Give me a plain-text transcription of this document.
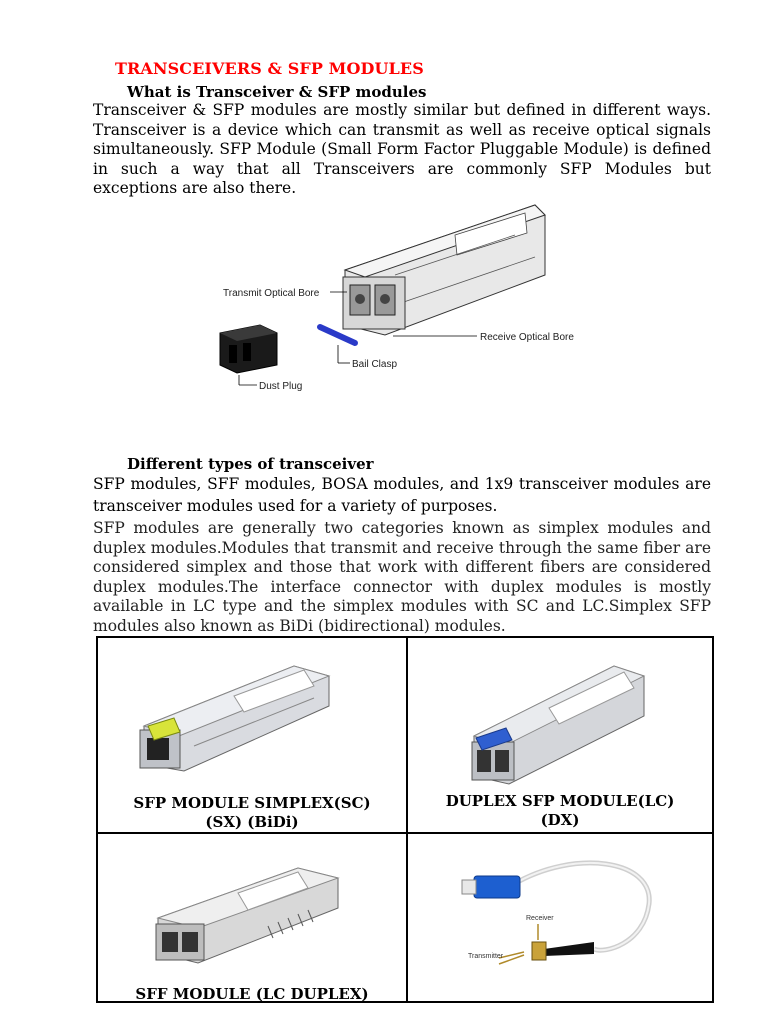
TRANSCEIVERS & SFP MODULES
What is Transceiver & SFP modules
Transceiver & SFP modules are mostly similar but defined in different ways. Transceiver is a device which can transmit as well as receive optical signals simultaneously. SFP Module (Small Form Factor Pluggable Module) is defined in such a way that all Transceivers are commonly SFP Modules but exceptions are also there.
Transmit Optical Bore
Receive Optical Bore
Bail Clasp
Dust Plug
Different types of transceiver
SFP modules, SFF modules, BOSA modules, and 1x9 transceiver modules are transceiver modules used for a variety of purposes.
SFP modules are generally two categories known as simplex modules and duplex modules.Modules that transmit and receive through the same fiber are considered simplex and those that work with different fibers are considered duplex modules.The interface connector with duplex modules is mostly available in LC type and the simplex modules with SC and LC.Simplex SFP modules also known as BiDi (bidirectional) modules.
SFP MODULE SIMPLEX(SC)
(SX) (BiDi)
DUPLEX SFP MODULE(LC)
(DX)
SFF MODULE (LC DUPLEX)
Receiver
Transmitter
